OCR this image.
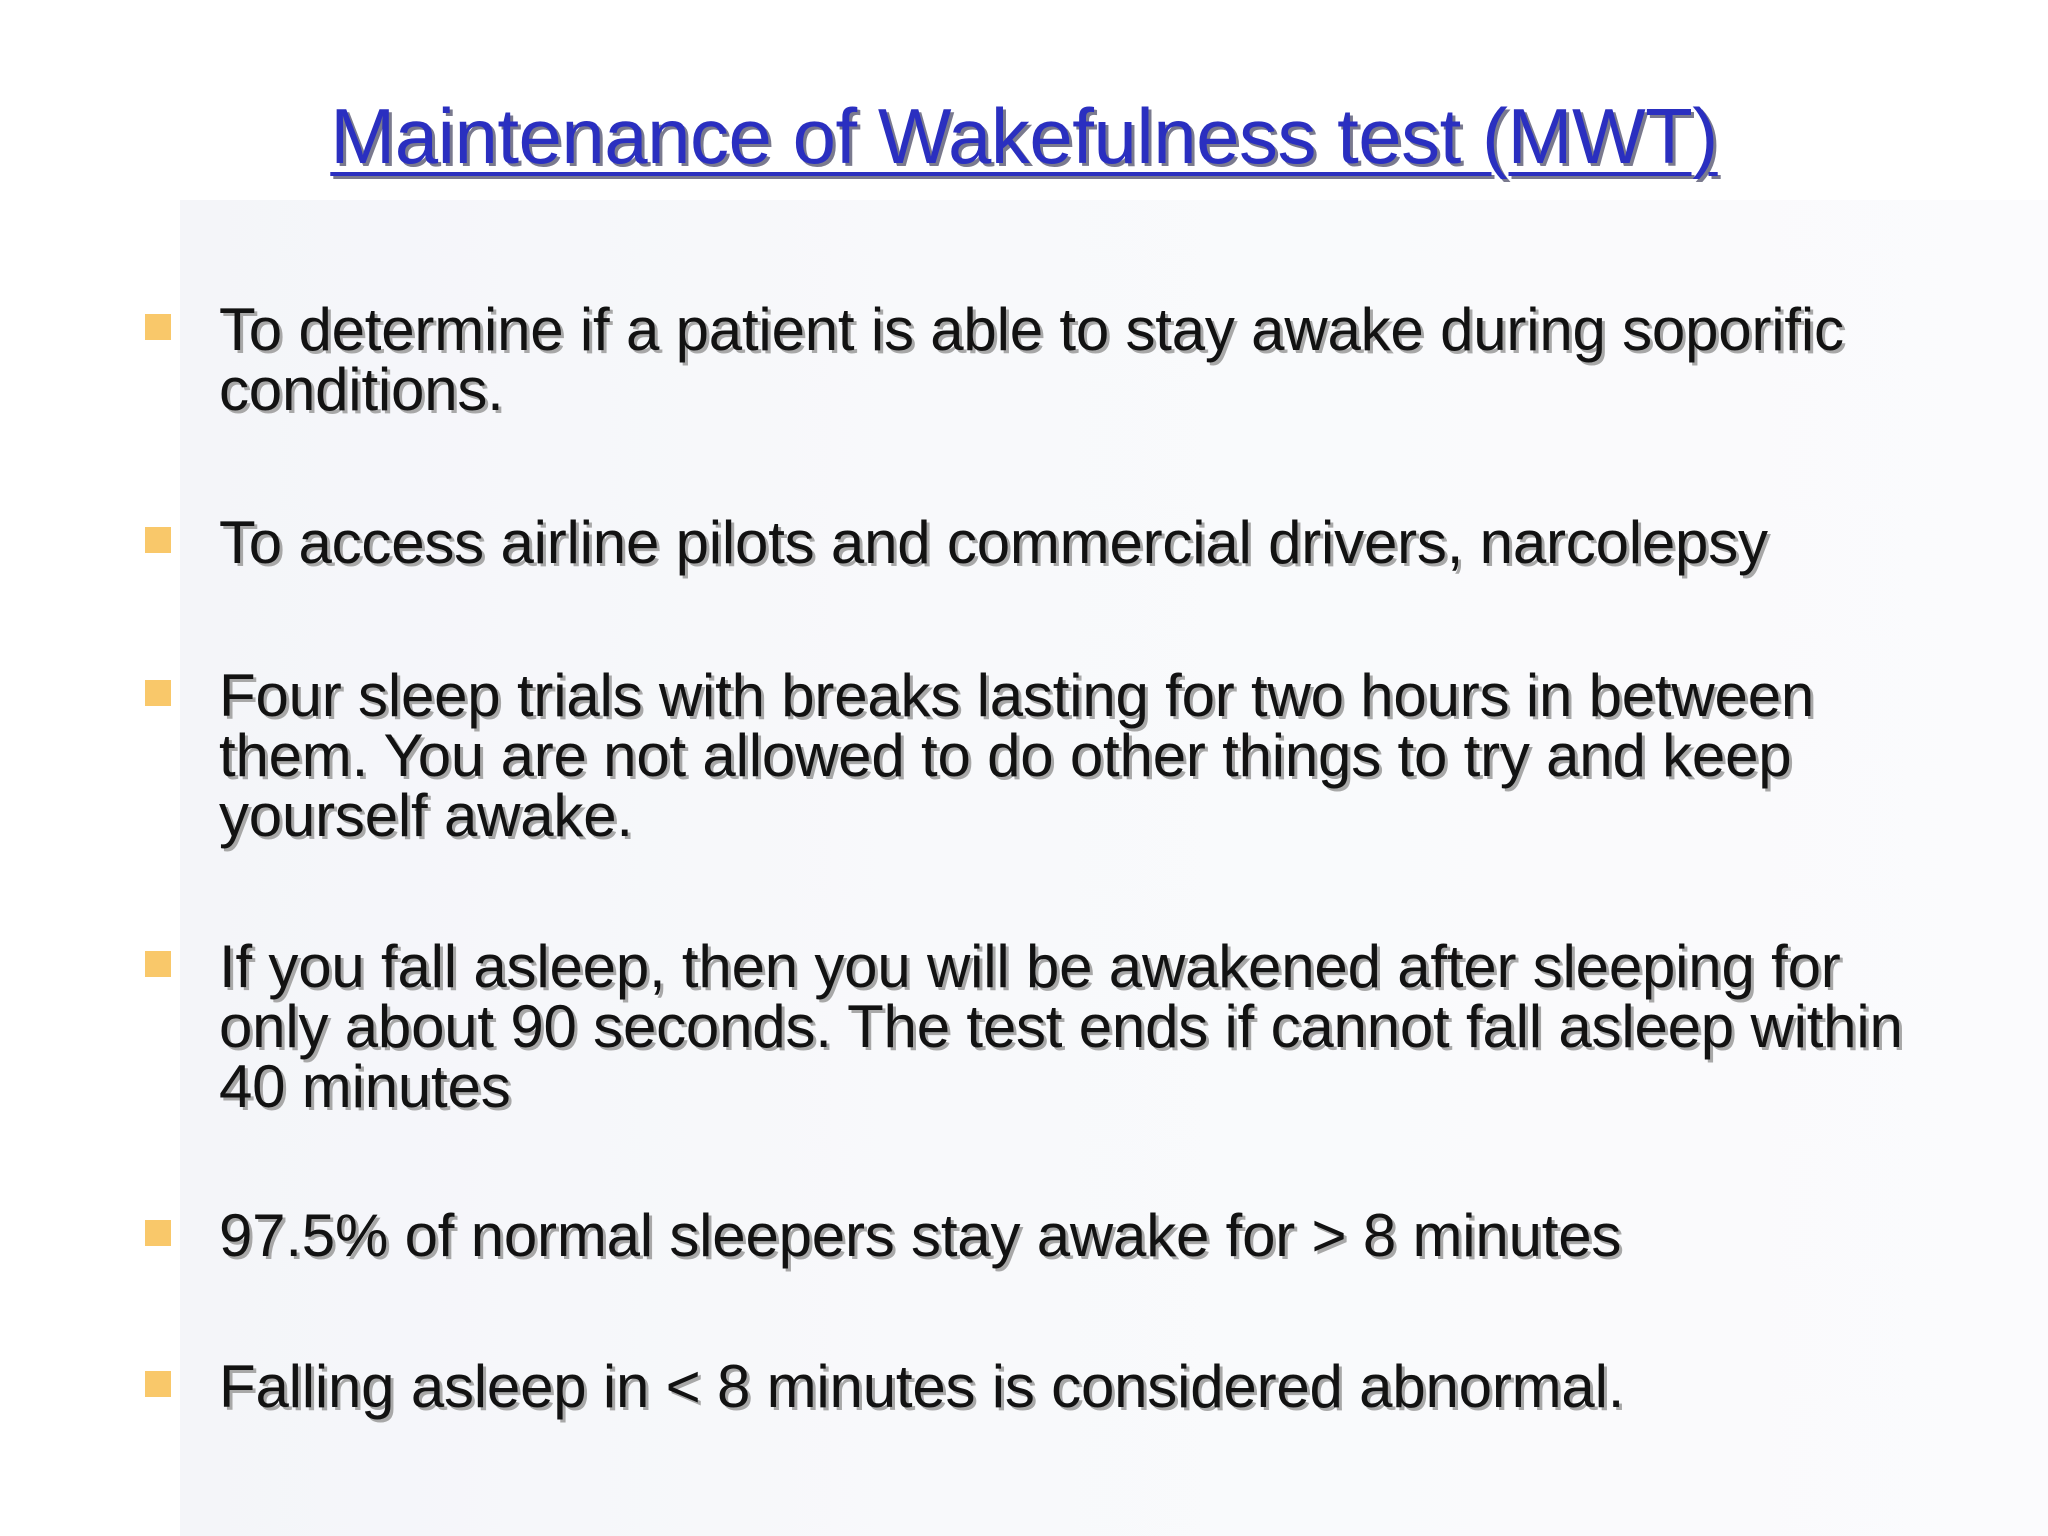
Maintenance of Wakefulness test (MWT)
To determine if a patient is able to stay awake during soporific
conditions.
To access airline pilots and commercial drivers, narcolepsy
Four sleep trials with breaks lasting for two hours in between
them. You are not allowed to do other things to try and keep
yourself awake.
If you fall asleep, then you will be awakened after sleeping for
only about 90 seconds. The test ends if cannot fall asleep within
40 minutes
97.5% of normal sleepers stay awake for > 8 minutes
Falling asleep in < 8 minutes is considered abnormal.
